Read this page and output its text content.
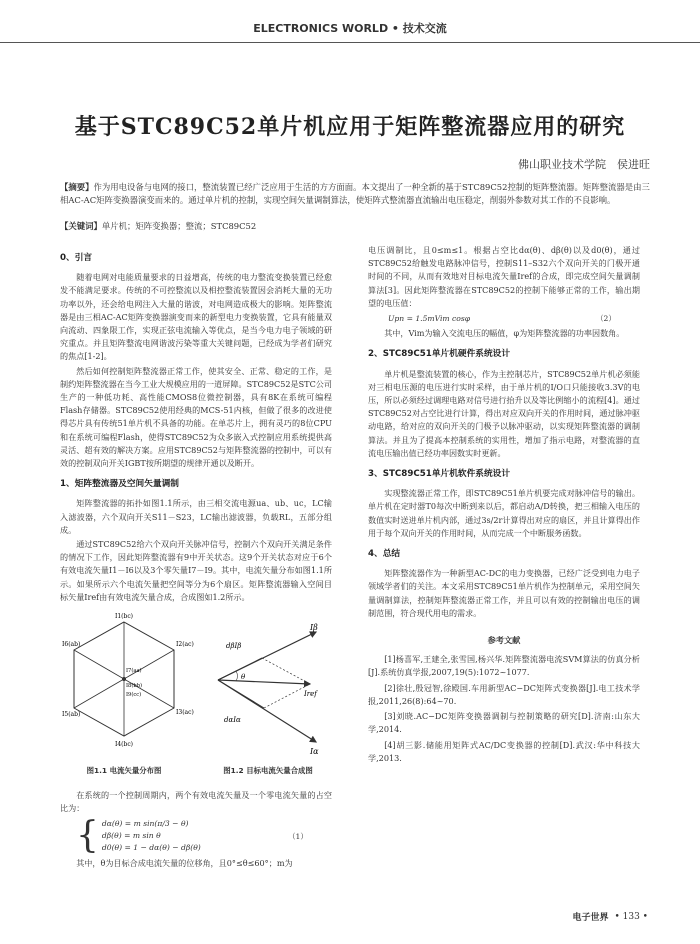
ELECTRONICS WORLD • 技术交流
基于STC89C52单片机应用于矩阵整流器应用的研究
佛山职业技术学院　侯进旺
【摘要】作为用电设备与电网的接口，整流装置已经广泛应用于生活的方方面面。本文提出了一种全新的基于STC89C52控制的矩阵整流器。矩阵整流器是由三相AC-AC矩阵变换器演变而来的。通过单片机的控制，实现空间矢量调制算法，使矩阵式整流器直流输出电压稳定，削弱外参数对其工作的不良影响。
【关键词】单片机；矩阵变换器；整流；STC89C52
0、引言

随着电网对电能质量要求的日益增高，传统的电力整流变换装置已经愈发不能满足要求。传统的不可控整流以及相控整流装置因会消耗大量的无功功率以外，还会给电网注入大量的谐波，对电网造成极大的影响。矩阵整流器是由三相AC-AC矩阵变换器演变而来的新型电力变换装置，它具有能量双向流动、四象限工作，实现正弦电流输入等优点，是当今电力电子领域的研究重点。并且矩阵整流电网谐波污染等重大关键问题，已经成为学者们研究的焦点[1-2]。

然后如何控制矩阵整流器正常工作，使其安全、正常、稳定的工作，是制约矩阵整流器在当今工业大规模应用的一道屏障。STC89C52是STC公司生产的一种低功耗、高性能CMOS8位微控制器，具有8K在系统可编程Flash存储器。STC89C52使用经典的MCS-51内核，但做了很多的改进使得芯片具有传统51单片机不具备的功能。在单芯片上，拥有灵巧的8位CPU 和在系统可编程Flash，使得STC89C52为众多嵌入式控制应用系统提供高灵活、超有效的解决方案。应用STC89C52与矩阵整流器的控制中，可以有效的控制双向开关IGBT按所期望的规律开通以及断开。

1、矩阵整流器及空间矢量调制

矩阵整流器的拓扑如图1.1所示，由三相交流电源ua、ub、uc，LC输入滤波器，六个双向开关S11－S23，LC输出滤波器，负载RL，五部分组成。

通过STC89C52给六个双向开关脉冲信号，控制六个双向开关满足条件的情况下工作，因此矩阵整流器有9中开关状态。这9个开关状态对应于6个有效电流矢量I1－I6以及3个零矢量I7－I9。其中，电流矢量分布如图1.1所示。如果所示六个电流矢量把空间等分为6个扇区。矩阵整流器输入空间目标矢量Iref由有效电流矢量合成，合成图如1.2所示。

I1(bc)
I2(ac)
I3(ac)
I4(bc)
I5(ab)
I6(ab)
I7(aa)
I8(bb)
I9(cc)
图1.1 电流矢量分布图
Iβ
Iα
Iref
dβIβ
dαIα
θ
图1.2 目标电流矢量合成图

在系统的一个控制周期内，两个有效电流矢量及一个零电流矢量的占空比为：

{ dα(θ) = m sin(π/3 − θ)
dβ(θ) = m sin θ
d0(θ) = 1 − dα(θ) − dβ(θ)
（1）

其中，θ为目标合成电流矢量的位移角，且0°≤θ≤60°；m为

电压调制比，且0≤m≤1。根据占空比dα(θ)、dβ(θ)以及d0(θ)，通过STC89C52给触发电路脉冲信号，控制S11–S32六个双向开关的门极开通时间的不同，从而有效地对目标电流矢量Iref的合成，即完成空间矢量调制算法[3]。因此矩阵整流器在STC89C52的控制下能够正常的工作，输出期望的电压值：

Upn = 1.5mVim cosφ	（2）

其中，Vim为输入交流电压的幅值，φ为矩阵整流器的功率因数角。

2、STC89C51单片机硬件系统设计

单片机是整流装置的核心，作为主控制芯片，STC89C52单片机必须能对三相电压源的电压进行实时采样，由于单片机的I/O口只能接收3.3V的电压，所以必须经过调理电路对信号进行抬升以及等比例缩小的流程[4]。通过STC89C52对占空比进行计算，得出对应双向开关的作用时间，通过脉冲驱动电路，给对应的双向开关的门极予以脉冲驱动，以实现矩阵整流器的调制算法。并且为了提高本控制系统的实用性，增加了指示电路，对整流器的直流电压输出值已经功率因数实时更新。

3、STC89C51单片机软件系统设计

实现整流器正常工作，即STC89C51单片机要完成对脉冲信号的输出。单片机在定时器T0每次中断到来以后，都启动A/D转换，把三相输入电压的数值实时送进单片机内部，通过3s/2r计算得出对应的扇区，并且计算得出作用于每个双向开关的作用时间，从而完成一个中断服务函数。

4、总结

矩阵整流器作为一种新型AC-DC的电力变换器，已经广泛受到电力电子领域学者们的关注。本文采用STC89C51单片机作为控制单元，采用空间矢量调制算法，控制矩阵整流器正常工作，并且可以有效的控制输出电压的调制范围，符合现代用电的需求。

参考文献
[1]杨喜军,王建全,张雪国,杨兴华.矩阵整流器电流SVM算法的仿真分析[J].系统仿真学报,2007,19(5):1072~1077.
[2]徐壮,殷冠智,徐殿国.车用新型AC−DC矩阵式变换器[J].电工技术学报,2011,26(8):64~70.
[3]刘晓.AC−DC矩阵变换器调制与控制策略的研究[D].济南:山东大学,2014.
[4]胡三影.储能用矩阵式AC/DC变换器的控制[D].武汉:华中科技大学,2013.
电子世界 • 133 •
